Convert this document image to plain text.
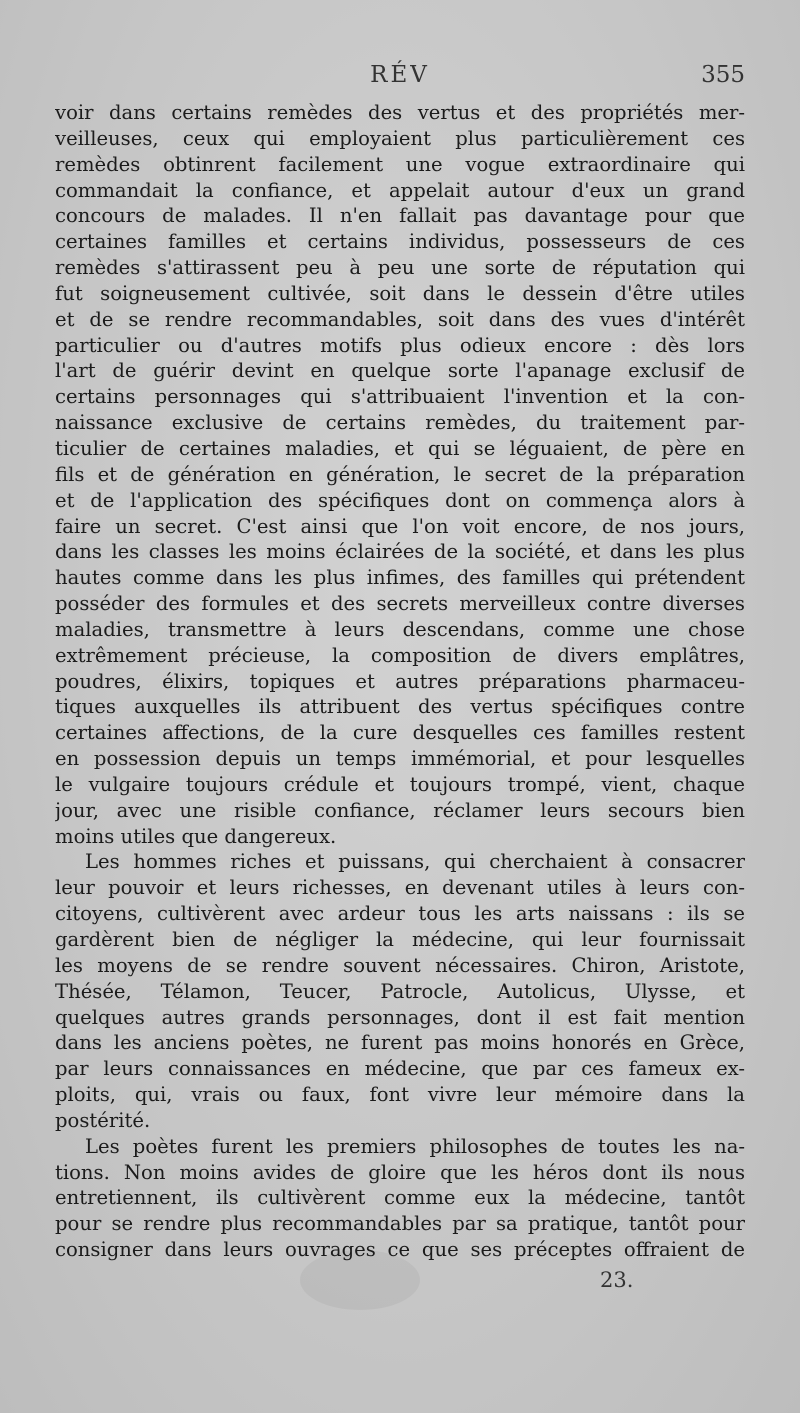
RÉV	355
voir dans certains remèdes des vertus et des propriétés mer-
veilleuses, ceux qui employaient plus particulièrement ces
remèdes obtinrent facilement une vogue extraordinaire qui
commandait la confiance, et appelait autour d'eux un grand
concours de malades. Il n'en fallait pas davantage pour que
certaines familles et certains individus, possesseurs de ces
remèdes s'attirassent peu à peu une sorte de réputation qui
fut soigneusement cultivée, soit dans le dessein d'être utiles
et de se rendre recommandables, soit dans des vues d'intérêt
particulier ou d'autres motifs plus odieux encore : dès lors
l'art de guérir devint en quelque sorte l'apanage exclusif de
certains personnages qui s'attribuaient l'invention et la con-
naissance exclusive de certains remèdes, du traitement par-
ticulier de certaines maladies, et qui se léguaient, de père en
fils et de génération en génération, le secret de la préparation
et de l'application des spécifiques dont on commença alors à
faire un secret. C'est ainsi que l'on voit encore, de nos jours,
dans les classes les moins éclairées de la société, et dans les plus
hautes comme dans les plus infimes, des familles qui prétendent
posséder des formules et des secrets merveilleux contre diverses
maladies, transmettre à leurs descendans, comme une chose
extrêmement précieuse, la composition de divers emplâtres,
poudres, élixirs, topiques et autres préparations pharmaceu-
tiques auxquelles ils attribuent des vertus spécifiques contre
certaines affections, de la cure desquelles ces familles restent
en possession depuis un temps immémorial, et pour lesquelles
le vulgaire toujours crédule et toujours trompé, vient, chaque
jour, avec une risible confiance, réclamer leurs secours bien
moins utiles que dangereux.
Les hommes riches et puissans, qui cherchaient à consacrer
leur pouvoir et leurs richesses, en devenant utiles à leurs con-
citoyens, cultivèrent avec ardeur tous les arts naissans : ils se
gardèrent bien de négliger la médecine, qui leur fournissait
les moyens de se rendre souvent nécessaires. Chiron, Aristote,
Thésée, Télamon, Teucer, Patrocle, Autolicus, Ulysse, et
quelques autres grands personnages, dont il est fait mention
dans les anciens poètes, ne furent pas moins honorés en Grèce,
par leurs connaissances en médecine, que par ces fameux ex-
ploits, qui, vrais ou faux, font vivre leur mémoire dans la
postérité.
Les poètes furent les premiers philosophes de toutes les na-
tions. Non moins avides de gloire que les héros dont ils nous
entretiennent, ils cultivèrent comme eux la médecine, tantôt
pour se rendre plus recommandables par sa pratique, tantôt pour
consigner dans leurs ouvrages ce que ses préceptes offraient de
23.
